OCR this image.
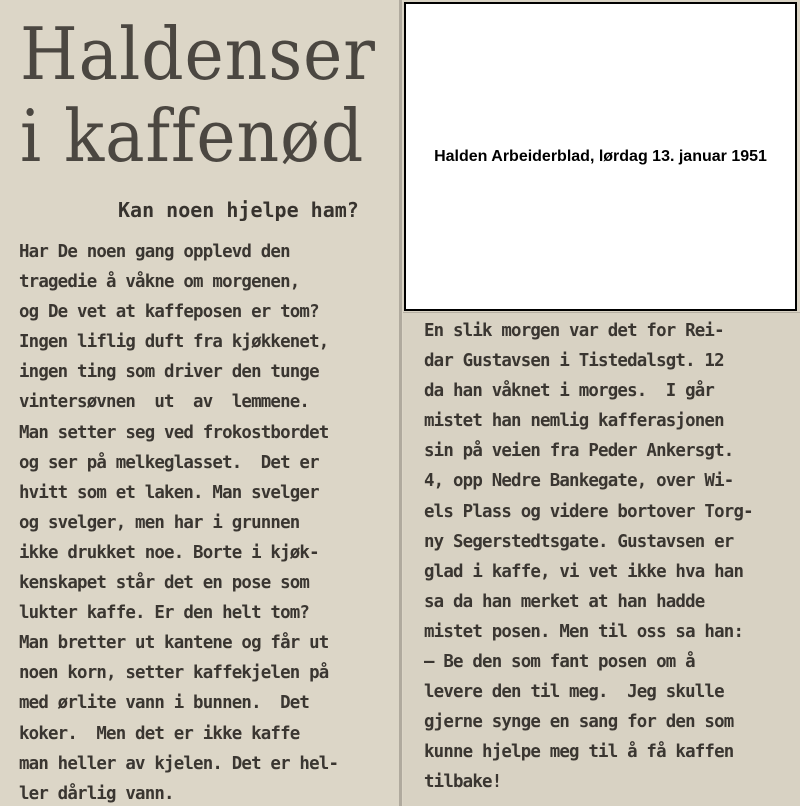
Haldenser
i kaffenød
Kan noen hjelpe ham?
Har De noen gang opplevd den
tragedie å våkne om morgenen,
og De vet at kaffeposen er tom?
Ingen liflig duft fra kjøkkenet,
ingen ting som driver den tunge
vintersøvnen  ut  av  lemmene.
Man setter seg ved frokostbordet
og ser på melkeglasset.  Det er
hvitt som et laken. Man svelger
og svelger, men har i grunnen
ikke drukket noe. Borte i kjøk-
kenskapet står det en pose som
lukter kaffe. Er den helt tom?
Man bretter ut kantene og får ut
noen korn, setter kaffekjelen på
med ørlite vann i bunnen.  Det
koker.  Men det er ikke kaffe
man heller av kjelen. Det er hel-
ler dårlig vann.
En slik morgen var det for Rei-
dar Gustavsen i Tistedalsgt. 12
da han våknet i morges.  I går
mistet han nemlig kafferasjonen
sin på veien fra Peder Ankersgt.
4, opp Nedre Bankegate, over Wi-
els Plass og videre bortover Torg-
ny Segerstedtsgate. Gustavsen er
glad i kaffe, vi vet ikke hva han
sa da han merket at han hadde
mistet posen. Men til oss sa han:
— Be den som fant posen om å
levere den til meg.  Jeg skulle
gjerne synge en sang for den som
kunne hjelpe meg til å få kaffen
tilbake!

Halden Arbeiderblad, lørdag 13. januar 1951
